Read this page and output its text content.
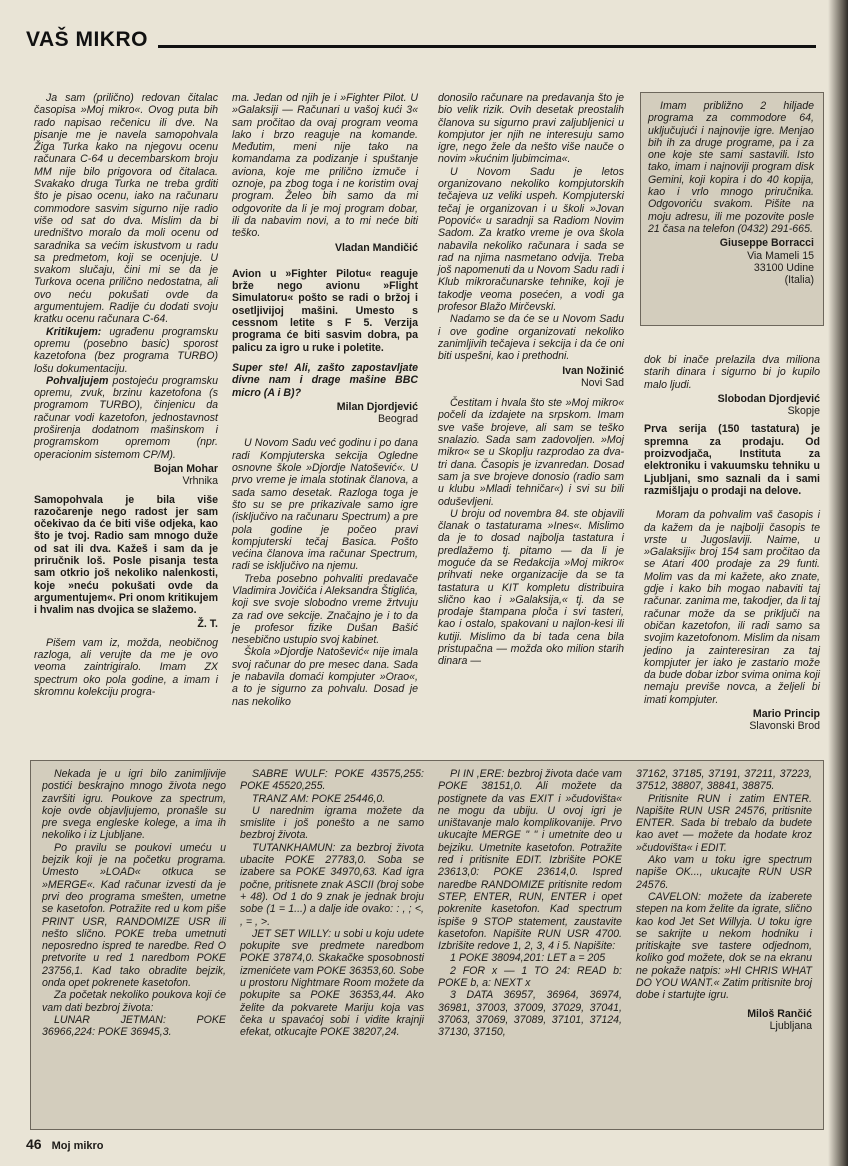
VAŠ MIKRO

Ja sam (prilično) redovan čitalac časopisa »Moj mikro«. Ovog puta bih rado napisao rečenicu ili dve. Na pisanje me je navela samopohvala Žiga Turka kako na njegovu ocenu računara C-64 u decembarskom broju MM nije bilo prigovora od čitalaca. Svakako druga Turka ne treba grditi što je pisao ocenu, iako na računaru commodore sasvim sigurno nije radio više od sat do dva. Mislim da bi uredništvo moralo da moli ocenu od saradnika sa većim iskustvom u radu sa predmetom, koji se ocenjuje. U svakom slučaju, čini mi se da je Turkova ocena prilično nedostatna, ali ovo neću pokušati ovde da argumentujem. Radije ću dodati svoju kratku ocenu računara C-64.

Kritikujem: ugrađenu programsku opremu (posebno basic) sporost kazetofona (bez programa TURBO) lošu dokumentaciju.

Pohvaljujem postojeću programsku opremu, zvuk, brzinu kazetofona (s programom TURBO), činjenicu da računar vodi kazetofon, jednostavnost proširenja dodatnom mašinskom i programskom opremom (npr. operacionim sistemom CP/M).

Bojan Mohar
Vrhnika

Samopohvala je bila više razočarenje nego radost jer sam očekivao da će biti više odjeka, kao što je tvoj. Radio sam mnogo duže od sat ili dva. Kažeš i sam da je priručnik loš. Posle pisanja testa sam otkrio još nekoliko nalenkosti, koje »neću pokušati ovde da argumentujem«. Pri onom kritikujem i hvalim nas dvojica se slažemo.

Ž. T.

Pišem vam iz, možda, neobičnog razloga, ali verujte da me je ovo veoma zaintrigiralo. Imam ZX spectrum oko pola godine, a imam i skromnu kolekciju progra-

ma. Jedan od njih je i »Fighter Pilot. U »Galaksiji — Računari u vašoj kući 3« sam pročitao da ovaj program veoma lako i brzo reaguje na komande. Međutim, meni nije tako na komandama za podizanje i spuštanje aviona, koje me prilično izmuče i oznoje, pa zbog toga i ne koristim ovaj program. Želeo bih samo da mi odgovorite da li je moj program dobar, ili da nabavim novi, a to mi neće biti teško.

Vladan Mandičić

Avion u »Fighter Pilotu« reaguje brže nego avionu »Flight Simulatoru« pošto se radi o bržoj i osetljivijoj mašini. Umesto s cessnom letite s F 5. Verzija programa će biti sasvim dobra, pa palicu za igro u ruke i poletite.

Super ste! Ali, zašto zapostavljate divne nam i drage mašine BBC micro (A i B)?

Milan Djordjević
Beograd

U Novom Sadu već godinu i po dana radi Kompjuterska sekcija Ogledne osnovne škole »Djordje Natošević«. U prvo vreme je imala stotinak članova, a sada samo desetak. Razloga toga je što su se pre prikazivale samo igre (isključivo na računaru Spectrum) a pre pola godine je počeo pravi kompjuterski tečaj Basica. Pošto većina članova ima računar Spectrum, radi se isključivo na njemu.

Treba posebno pohvaliti predavače Vladimira Jovičića i Aleksandra Štiglića, koji sve svoje slobodno vreme žrtvuju za rad ove sekcije. Značajno je i to da je profesor fizike Dušan Bašić nesebično ustupio svoj kabinet.

Škola »Djordje Natošević« nije imala svoj računar do pre mesec dana. Sada je nabavila domaći kompjuter »Orao«, a to je sigurno za pohvalu. Dosad je nas nekoliko

donosilo računare na predavanja što je bio velik rizik. Ovih desetak preostalih članova su sigurno pravi zaljubljenici u kompjutor jer njih ne interesuju samo igre, nego žele da nešto više nauče o novim »kućnim ljubimcima«.

U Novom Sadu je letos organizovano nekoliko kompjutorskih tečajeva uz veliki uspeh. Kompjuterski tečaj je organizovan i u školi »Jovan Popović« u saradnji sa Radiom Novim Sadom. Za kratko vreme je ova škola nabavila nekoliko računara i sada se rad na njima nasmetano odvija. Treba još napomenuti da u Novom Sadu radi i Klub mikroračunarske tehnike, koji je takodje veoma posećen, a vodi ga profesor Blažo Mirčevski.

Nadamo se da će se u Novom Sadu i ove godine organizovati nekoliko zanimljivih tečajeva i sekcija i da će oni biti uspešni, kao i prethodni.

Ivan Nožinić
Novi Sad

Čestitam i hvala što ste »Moj mikro« počeli da izdajete na srpskom. Imam sve vaše brojeve, ali sam se teško snalazio. Sada sam zadovoljen. »Moj mikro« se u Skoplju razprodao za dva-tri dana. Časopis je izvanredan. Dosad sam ja sve brojeve donosio (radio sam u klubu »Mladi tehničar«) i svi su bili oduševljeni.

U broju od novembra 84. ste objavili članak o tastaturama »Ines«. Mislimo da je to dosad najbolja tastatura i predlažemo tj. pitamo — da li je moguće da se Redakcija »Moj mikro« prihvati neke organizacije da se ta tastatura u KIT kompletu distribuira slično kao i »Galaksija,« tj. da se prodaje štampana ploča i svi tasteri, kao i ostalo, spakovani u najlon-kesi ili kutiji. Mislimo da bi tada cena bila pristupačna — možda oko milion starih dinara —

Imam približno 2 hiljade programa za commodore 64, uključujući i najnovije igre. Menjao bih ih za druge programe, pa i za one koje ste sami sastavili. Isto tako, imam i najnoviji program disk Gemini, koji kopira i do 40 kopija, kao i vrlo mnogo priručnika. Odgovoriću svakom. Pišite na moju adresu, ili me pozovite posle 21 časa na telefon (0432) 291-665.

Giuseppe Borracci
Via Mameli 15
33100 Udine
(Italia)

dok bi inače prelazila dva miliona starih dinara i sigurno bi jo kupilo malo ljudi.

Slobodan Djordjević
Skopje

Prva serija (150 tastatura) je spremna za prodaju. Od proizvodjača, Instituta za elektroniku i vakuumsku tehniku u Ljubljani, smo saznali da i sami razmišljaju o prodaji na delove.

Moram da pohvalim vaš časopis i da kažem da je najbolji časopis te vrste u Jugoslaviji. Naime, u »Galaksiji« broj 154 sam pročitao da se Atari 400 prodaje za 29 funti. Molim vas da mi kažete, ako znate, gdje i kako bih mogao nabaviti taj računar. zanima me, takodjer, da li taj računar može da se priključi na običan kazetofon, ili radi samo sa svojim kazetofonom. Mislim da nisam jedino ja zainteresiran za taj kompjuter jer iako je zastario može da bude dobar izbor svima onima koji nemaju previše novca, a željeli bi imati kompjuter.

Mario Princip
Slavonski Brod

Nekada je u igri bilo zanimljivije postići beskrajno mnogo života nego završiti igru. Poukove za spectrum, koje ovde objavljujemo, pronašle su pre svega engleske kolege, a ima ih nekoliko i iz Ljubljane.

Po pravilu se poukovi umeću u bejzik koji je na početku programa. Umesto »LOAD« otkuca se »MERGE«. Kad računar izvesti da je prvi deo programa smešten, umetne se kasetofon. Potražite red u kom piše PRINT USR, RANDOMIZE USR ili nešto slično. POKE treba umetnuti neposredno ispred te naredbe. Red O pretvorite u red 1 naredbom POKE 23756,1. Kad tako obradite bejzik, onda opet pokrenete kasetofon.

Za početak nekoliko poukova koji će vam dati bezbroj života:

LUNAR JETMAN: POKE 36966,224: POKE 36945,3.

SABRE WULF: POKE 43575,255: POKE 45520,255.

TRANZ AM: POKE 25446,0.

U narednim igrama možete da smislite i još ponešto a ne samo bezbroj života.

TUTANKHAMUN: za bezbroj života ubacite POKE 27783,0. Soba se izabere sa POKE 34970,63. Kad igra počne, pritisnete znak ASCII (broj sobe + 48). Od 1 do 9 znak je jednak broju sobe (1 = 1...) a dalje ide ovako: : , ; <, , = , >.

JET SET WILLY: u sobi u koju udete pokupite sve predmete naredbom POKE 37874,0. Skakačke sposobnosti izmenićete vam POKE 36353,60. Sobe u prostoru Nightmare Room možete da pokupite sa POKE 36353,44. Ako želite da pokvarete Mariju koja vas čeka u spavaćoj sobi i vidite krajnji efekat, otkucajte POKE 38207,24.

PI IN ,ERE: bezbroj života daće vam POKE 38151,0. Ali možete da postignete da vas EXIT i »čudovišta« ne mogu da ubiju. U ovoj igri je uništavanje malo komplikovanije. Prvo ukucajte MERGE " " i umetnite deo u bejziku. Umetnite kasetofon. Potražite red i pritisnite EDIT. Izbrišite POKE 23613,0: POKE 23614,0. Ispred naredbe RANDOMIZE pritisnite redom STEP, ENTER, RUN, ENTER i opet pokrenite kasetofon. Kad spectrum ispiše 9 STOP statement, zaustavite kasetofon. Napišite RUN USR 4700. Izbrišite redove 1, 2, 3, 4 i 5. Napišite:

1 POKE 38094,201: LET a = 205

2 FOR x — 1 TO 24: READ b: POKE b, a: NEXT x

3 DATA 36957, 36964, 36974, 36981, 37003, 37009, 37029, 37041, 37063, 37069, 37089, 37101, 37124, 37130, 37150,

37162, 37185, 37191, 37211, 37223, 37512, 38807, 38841, 38875.

Pritisnite RUN i zatim ENTER. Napišite RUN USR 24576, pritisnite ENTER. Sada bi trebalo da budete kao avet — možete da hodate kroz »čudovišta« i EDIT.

Ako vam u toku igre spectrum napiše OK..., ukucajte RUN USR 24576.

CAVELON: možete da izaberete stepen na kom želite da igrate, slično kao kod Jet Set Willyja. U toku igre se sakrijte u nekom hodniku i pritiskajte sve tastere odjednom, koliko god možete, dok se na ekranu ne pokaže natpis: »HI CHRIS WHAT DO YOU WANT.« Zatim pritisnite broj dobe i startujte igru.

Miloš Rančić
Ljubljana
46 Moj mikro
